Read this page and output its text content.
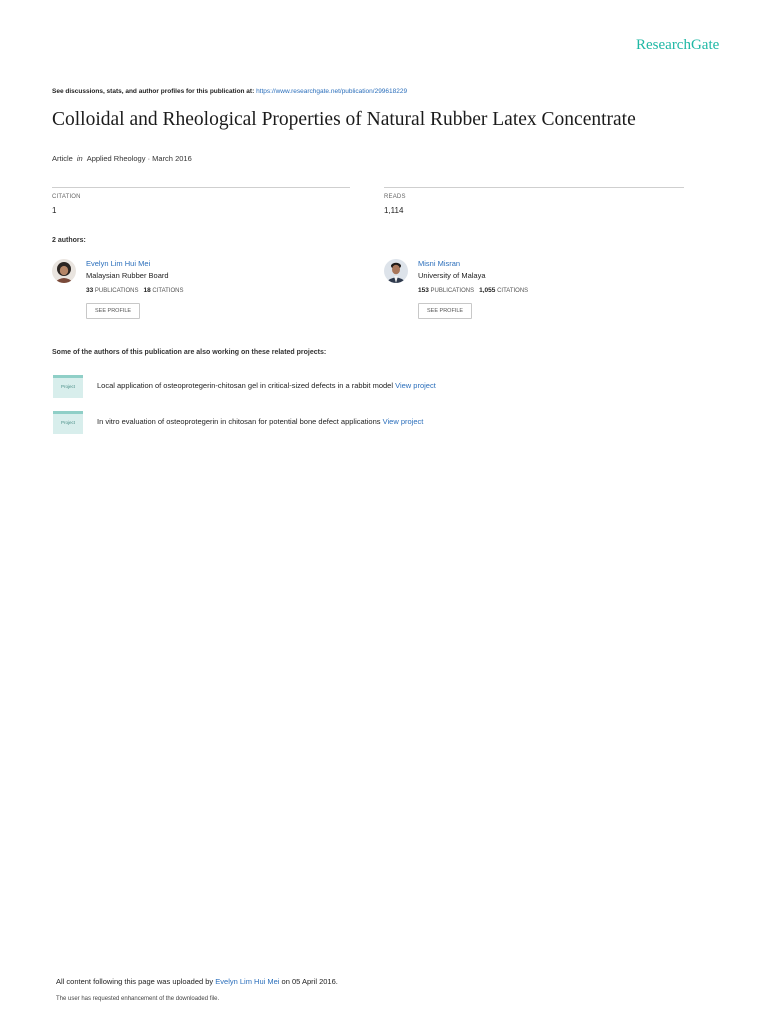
ResearchGate
See discussions, stats, and author profiles for this publication at: https://www.researchgate.net/publication/299618229
Colloidal and Rheological Properties of Natural Rubber Latex Concentrate
Article in Applied Rheology · March 2016
CITATION
1
READS
1,114
2 authors:
Evelyn Lim Hui Mei
Malaysian Rubber Board
33 PUBLICATIONS 18 CITATIONS
SEE PROFILE
Misni Misran
University of Malaya
153 PUBLICATIONS 1,055 CITATIONS
SEE PROFILE
Some of the authors of this publication are also working on these related projects:
Project	Local application of osteoprotegerin-chitosan gel in critical-sized defects in a rabbit model View project
Project	In vitro evaluation of osteoprotegerin in chitosan for potential bone defect applications View project
All content following this page was uploaded by Evelyn Lim Hui Mei on 05 April 2016.
The user has requested enhancement of the downloaded file.
